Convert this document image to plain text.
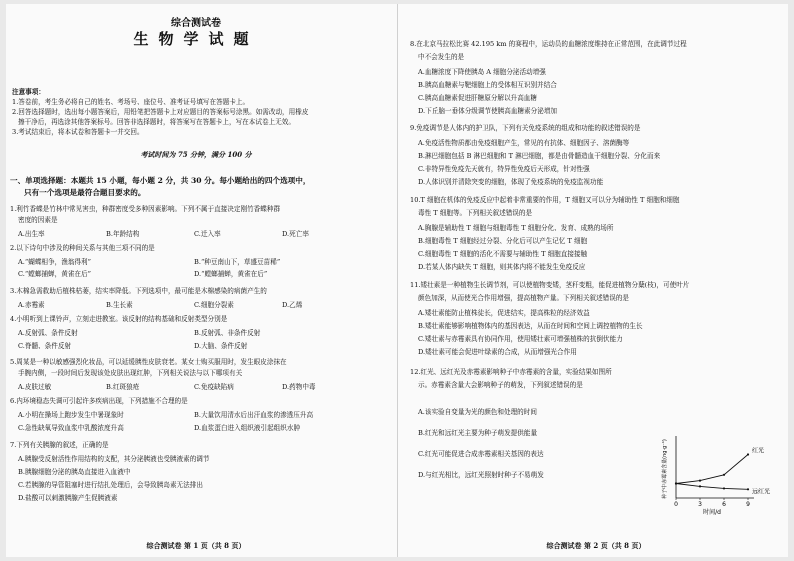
综合测试卷
生物学试题
注意事项：
1.答卷前，考生务必将自己的姓名、考场号、座位号、准考证号填写在答题卡上。
2.回答选择题时，选出每小题答案后，用铅笔把答题卡上对应题目的答案标号涂黑。如需改动，用橡皮
擦干净后，再选涂其他答案标号。回答非选择题时，将答案写在答题卡上，写在本试卷上无效。
3.考试结束后，将本试卷和答题卡一并交回。
考试时间为 75 分钟，满分 100 分
一、单项选择题：本题共 15 小题，每小题 2 分，共 30 分。每小题给出的四个选项中，
只有一个选项是最符合题目要求的。
1.利竹香蝶是竹林中常见害虫，种群密度受多种因素影响。下列不属于直接决定刚竹香蝶种群
密度的因素是
A.出生率	B.年龄结构	C.迁入率	D.死亡率
2.以下诗句中涉及的种间关系与其他三项不同的是
A.“蝴蝶相争，渔翁得利”	B.“种豆南山下，草盛豆苗稀”
C.“螳螂捕蝉，黄雀在后”	D.“螳螂捕蝉，黄雀在后”
3.木棉急需救助后植株枯萎，结实率降低。下列选项中，最可能是木棉感染的病菌产生的
A.赤霉素	B.生长素	C.细胞分裂素	D.乙烯
4.小明听到上课铃声，立刻走进教室。该反射的结构基础和反射类型分别是
A.反射弧、条件反射	B.反射弧、非条件反射
C.脊髓、条件反射	D.大脑、条件反射
5.周某是一种以敏感强烈化妆品，可以延缓胰性皮肤衰老。某女士购买服用时，发生眼皮涂抹在
手腕内侧，一段时间后发现该处皮肤出现红肿，下列相关说法与以下哪项有关
A.皮肤过敏	B.红斑狼疮	C.免疫缺陷病	D.药物中毒
6.内环境稳态失调可引起许多疾病出现，下列措施不合理的是
A.小明在操场上跑步发生中暑现象时	B.大量饮用清水后出汗血浆的渗透压升高
C.急性缺氧导致血浆中乳酸浓度升高	D.血浆蛋白进入组织液引起组织水肿
7.下列有关胰腺的叙述，正确的是
A.胰腺受反射活性作用结构的支配，其分泌胰液也受胰液素的调节
B.胰腺细胞分泌的胰岛直接进入血液中
C.若胰腺的导管阻塞时进行结扎处理后，会导致胰岛素无法排出
D.盐酸可以刺激胰腺产生促胰液素
综合测试卷 第 1 页（共 8 页）
8.在北京马拉松比赛 42.195 km 的赛程中，运动员的血糖浓度维持在正常范围，在此调节过程
中不会发生的是
A.血糖浓度下降使胰岛 A 细胞分泌活动增强
B.胰高血糖素与靶细胞上的受体相互识别并结合
C.胰高血糖素促进肝糖原分解以升高血糖
D.下丘脑一垂体分级调节使胰高血糖素分泌增加
9.免疫调节是人体内的护卫队，下列有关免疫系统的组成和功能的叙述错误的是
A.免疫活性物质都由免疫细胞产生，常见的有抗体、细胞因子、溶菌酶等
B.淋巴细胞包括 B 淋巴细胞和 T 淋巴细胞，都是由骨髓造血干细胞分裂、分化而来
C.非特异性免疫先天就有，特异性免疫后天形成，针对性强
D.人体识别并清除突变的细胞，体现了免疫系统的免疫监视功能
10.T 细胞在机体的免疫反应中起着非常重要的作用，T 细胞又可以分为辅助性 T 细胞和细胞
毒性 T 细胞等。下列相关叙述错误的是
A.胸腺是辅助性 T 细胞与细胞毒性 T 细胞分化、发育、成熟的场所
B.细胞毒性 T 细胞经过分裂、分化后可以产生记忆 T 细胞
C.细胞毒性 T 细胞的活化不需要与辅助性 T 细胞直接接触
D.若某人体内缺失 T 细胞，则其体内将不能发生免疫反应
11.矮壮素是一种植物生长调节剂，可以使植物变矮，茎秆变粗，能促进植物分蘖(枝)，可使叶片
颜色加深，从而使光合作用增强，提高植物产量。下列相关叙述错误的是
A.矮壮素能防止植株徒长，促进结实，提高株粒的经济效益
B.矮壮素能够影响植物体内的基因表达，从而在时间和空间上调控植物的生长
C.矮壮素与赤霉素具有协同作用，使用矮壮素可增强植株的抗倒伏能力
D.矮壮素可能会促进叶绿素的合成，从而增强光合作用
12.红光、远红光及赤霉素影响种子中赤霉素的含量，实验结果如图所
示。赤霉素含量大会影响种子的萌发，下列叙述错误的是
A.该实验自变量为光的颜色和处理的时间
B.红光和远红光主要为种子萌发提供能量
C.红光可能促进合成赤霉素相关基因的表达
D.与红光相比，远红光照射时种子不易萌发
0	3	6	9
时间/d
种子中赤霉素含量(ng·g⁻¹)	红光
远红光
综合测试卷 第 2 页（共 8 页）
